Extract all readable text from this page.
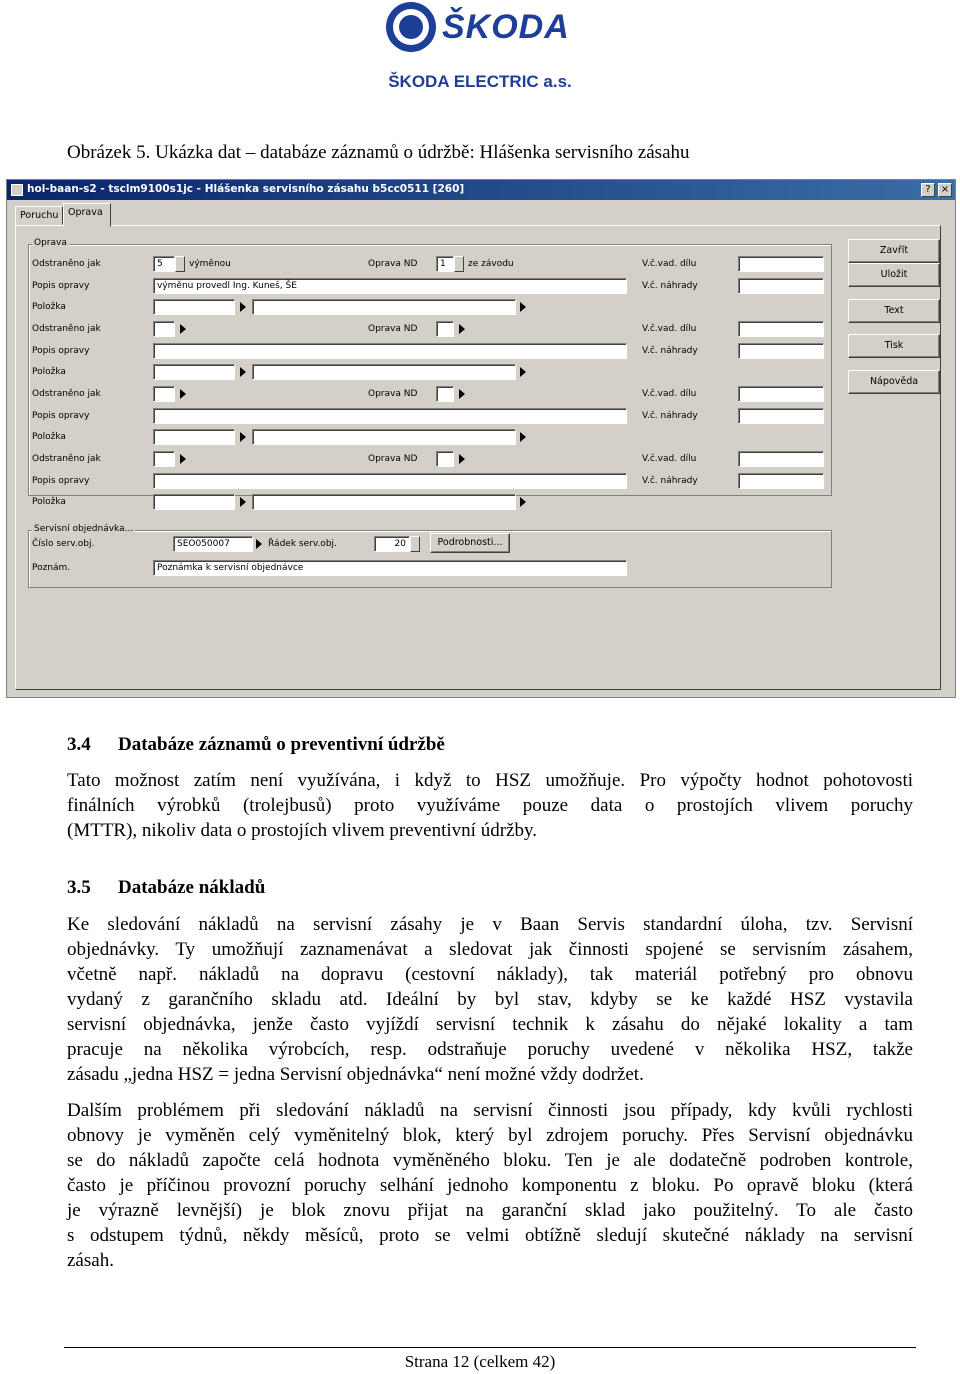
ŠKODA
ŠKODA ELECTRIC a.s.
Obrázek 5. Ukázka dat – databáze záznamů o údržbě: Hlášenka servisního zásahu
hol-baan-s2 - tsclm9100s1jc - Hlášenka servisního zásahu b5cc0511 [260]	?	×
Poruchu	Oprava
Oprava
Odstraněno jak	5	výměnou	Oprava ND	1	ze závodu	V.č.vad. dílu
Popis opravy	výměnu provedl Ing. Kuneš, ŠE	V.č. náhrady
Položka
Odstraněno jak	Oprava ND	V.č.vad. dílu
Popis opravy	V.č. náhrady
Položka
Odstraněno jak	Oprava ND	V.č.vad. dílu
Popis opravy	V.č. náhrady
Položka
Odstraněno jak	Oprava ND	V.č.vad. dílu
Popis opravy	V.č. náhrady
Položka
Zavřít
Uložit
Text
Tisk
Nápověda
Servisní objednávka...
Číslo serv.obj.	SEO050007	Řádek serv.obj.	20	Podrobnosti...
Poznám.	Poznámka k servisní objednávce
3.4 Databáze záznamů o preventivní údržbě
Tato možnost zatím není využívána, i když to HSZ umožňuje. Pro výpočty hodnot pohotovosti
finálních výrobků (trolejbusů) proto využíváme pouze data o prostojích vlivem poruchy
(MTTR), nikoliv data o prostojích vlivem preventivní údržby.
3.5 Databáze nákladů
Ke sledování nákladů na servisní zásahy je v Baan Servis standardní úloha, tzv. Servisní
objednávky. Ty umožňují zaznamenávat a sledovat jak činnosti spojené se servisním zásahem,
včetně např. nákladů na dopravu (cestovní náklady), tak materiál potřebný pro obnovu
vydaný z garančního skladu atd. Ideální by byl stav, kdyby se ke každé HSZ vystavila
servisní objednávka, jenže často vyjíždí servisní technik k zásahu do nějaké lokality a tam
pracuje na několika výrobcích, resp. odstraňuje poruchy uvedené v několika HSZ, takže
zásadu „jedna HSZ = jedna Servisní objednávka“ není možné vždy dodržet.
Dalším problémem při sledování nákladů na servisní činnosti jsou případy, kdy kvůli rychlosti
obnovy je vyměněn celý vyměnitelný blok, který byl zdrojem poruchy. Přes Servisní objednávku
se do nákladů započte celá hodnota vyměněného bloku. Ten je ale dodatečně podroben kontrole,
často je příčinou provozní poruchy selhání jednoho komponentu z bloku. Po opravě bloku (která
je výrazně levnější) je blok znovu přijat na garanční sklad jako použitelný. To ale často
s odstupem týdnů, někdy měsíců, proto se velmi obtížně sledují skutečné náklady na servisní
zásah.
Strana 12 (celkem 42)
